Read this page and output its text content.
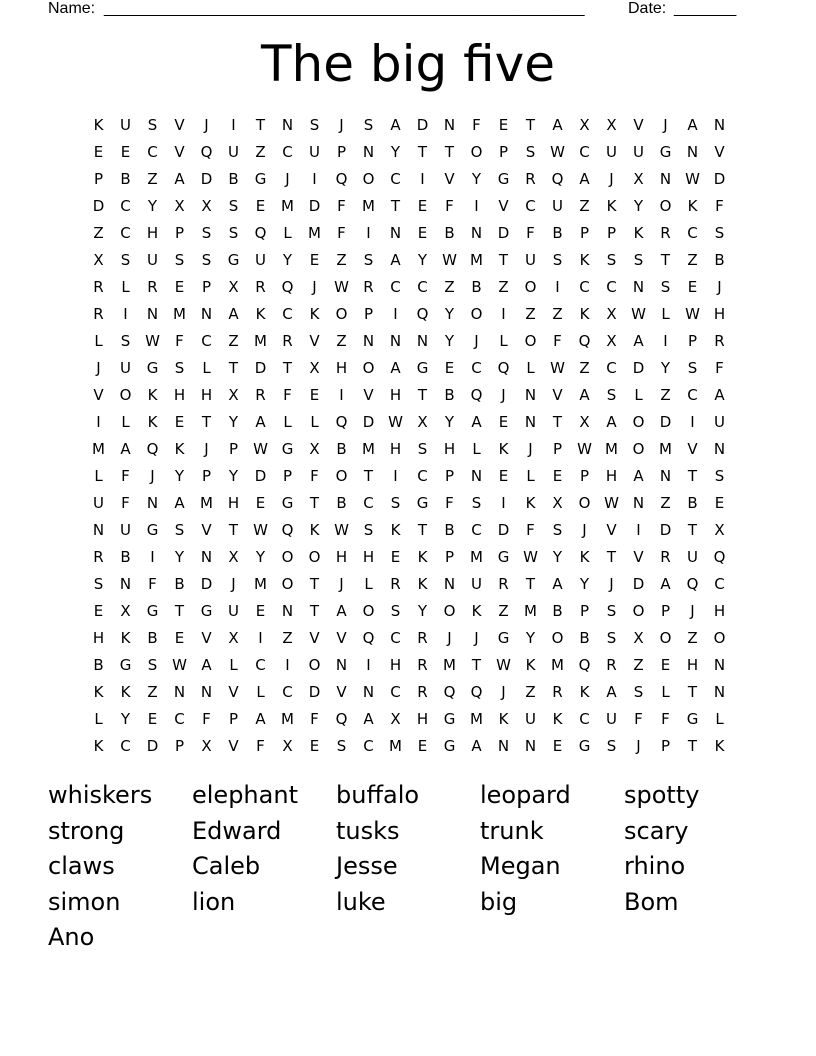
Name: ______________________________________________________	Date: _______
The big five
K	U	S	V	J	I	T	N	S	J	S	A	D	N	F	E	T	A	X	X	V	J	A	N
E	E	C	V	Q	U	Z	C	U	P	N	Y	T	T	O	P	S W C	U	U	G	N	V
P	B	Z	A	D	B	G	J	I	Q	O	C	I	V	Y	G	R	Q	A	J	X	N W D
D	C	Y	X	X	S	E	M D	F	M	T	E	F	I	V	C	U	Z	K	Y	O	K	F
Z	C	H	P	S	S	Q	L	M	F	I	N	E	B	N	D	F	B	P	P	K	R	C	S
X	S	U	S	S	G	U	Y	E	Z	S	A	Y	W M	T	U	S	K	S	S	T	Z	B
R	L	R	E	P	X	R	Q	J	W R	C	C	Z	B	Z	O	I	C	C	N	S	E	J
R	I	N M N	A	K	C	K	O	P	I	Q	Y	O	I	Z	Z	K	X W	L	W H
L	S W	F	C	Z	M	R	V	Z	N	N	N	Y	J	L	O	F	Q	X	A	I	P	R
J	U	G	S	L	T	D	T	X	H	O	A	G	E	C	Q	L	W Z	C	D	Y	S	F
V	O	K	H	H	X	R	F	E	I	V	H	T	B	Q	J	N	V	A	S	L	Z	C	A
I	L	K	E	T	Y	A	L	L	Q	D W X	Y	A	E	N	T	X	A	O	D	I	U
M	A	Q	K	J	P	W G	X	B	M H	S	H	L	K	J	P	W M O M	V	N
L	F	J	Y	P	Y	D	P	F	O	T	I	C	P	N	E	L	E	P	H	A	N	T	S
U	F	N	A	M H	E	G	T	B	C	S	G	F	S	I	K	X	O W N	Z	B	E
N	U	G	S	V	T	W Q	K W S	K	T	B	C	D	F	S	J	V	I	D	T	X
R	B	I	Y	N	X	Y	O	O	H	H	E	K	P	M G W Y	K	T	V	R	U	Q
S	N	F	B	D	J	M O	T	J	L	R	K	N	U	R	T	A	Y	J	D	A	Q	C
E	X	G	T	G	U	E	N	T	A	O	S	Y	O	K	Z	M	B	P	S	O	P	J	H
H	K	B	E	V	X	I	Z	V	V	Q	C	R	J	J	G	Y	O	B	S	X	O	Z	O
B	G	S W A	L	C	I	O	N	I	H	R	M	T	W K	M Q	R	Z	E	H	N
K	K	Z	N	N	V	L	C	D	V	N	C	R	Q	Q	J	Z	R	K	A	S	L	T	N
L	Y	E	C	F	P	A	M	F	Q	A	X	H	G M	K	U	K	C	U	F	F	G	L
K	C	D	P	X	V	F	X	E	S	C	M	E	G	A	N	N	E	G	S	J	P	T	K
whiskers	elephant	buffalo	leopard	spotty
strong	Edward	tusks	trunk	scary
claws	Caleb	Jesse	Megan	rhino
simon	lion	luke	big	Bom
Ano
